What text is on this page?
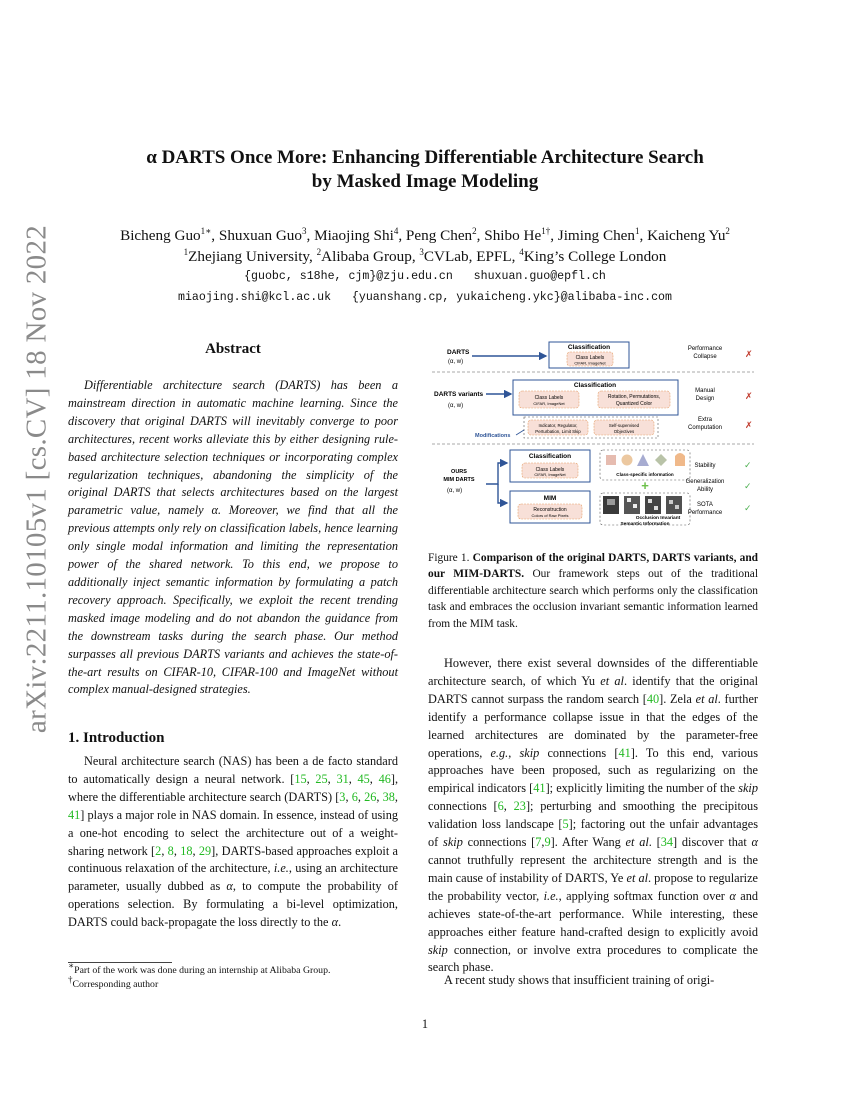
arXiv:2211.10105v1 [cs.CV] 18 Nov 2022
α DARTS Once More: Enhancing Differentiable Architecture Search
by Masked Image Modeling
Bicheng Guo$^{1∗}$, Shuxuan Guo$^3$, Miaojing Shi$^4$, Peng Chen$^2$, Shibo $He^{1\dagger}$, Jiming Chen$^1$, Kaicheng Yu$^2$
$^1$Zhejiang University, $^2$Alibaba Group, $^3$CVLab, EPFL, $^4$King’s College London
{guobc, s18he, cjm}@zju.edu.cn   shuxuan.guo@epfl.ch
miaojing.shi@kcl.ac.uk   {yuanshang.cp, yukaicheng.ykc}@alibaba-inc.com
Abstract
Differentiable architecture search (DARTS) has been a mainstream direction in automatic machine learning. Since the discovery that original DARTS will inevitably converge to poor architectures, recent works alleviate this by either designing rule-based architecture selection techniques or incorporating complex regularization techniques, abandoning the simplicity of the original DARTS that selects architectures based on the largest parametric value, namely α. Moreover, we find that all the previous attempts only rely on classification labels, hence learning only single modal information and limiting the representation power of the shared network. To this end, we propose to additionally inject semantic information by formulating a patch recovery approach. Specifically, we exploit the recent trending masked image modeling and do not abandon the guidance from the downstream tasks during the search phase. Our method surpasses all previous DARTS variants and achieves the state-of-the-art results on CIFAR-10, CIFAR-100 and ImageNet without complex manual-designed strategies.
1. Introduction
Neural architecture search (NAS) has been a de facto standard to automatically design a neural network. [15, 25, 31, 45, 46], where the differentiable architecture search (DARTS) [3, 6, 26, 38, 41] plays a major role in NAS domain. In essence, instead of using a one-hot encoding to select the architecture out of a weight-sharing network [2, 8, 18, 29], DARTS-based approaches exploit a continuous relaxation of the architecture, i.e., using an architecture parameter, usually dubbed as α, to compute the probability of operations selection. By formulating a bi-level optimization, DARTS could back-propagate the loss directly to the α.
∗Part of the work was done during an internship at Alibaba Group.
†Corresponding author
DARTS
(α, w)
Classification
Class Labels
CIFAR, ImageNet
Performance
Collapse	✗
DARTS variants
(α, w)
Classification
Class Labels
CIFAR, ImageNet
Rotation, Permutations,
Quantized Color
Indicator, Regulator,
Perturbation, Limit Skip
Self-supervised
Objectives
Modifications
Manual
Design	✗
Extra
Computation	✗
OURS
MIM DARTS
(α, w)
Classification
Class Labels
CIFAR, ImageNet
MIM
Reconstruction
Colors of Raw Pixels
Class-specific information
+
Occlusion Invariant
Semantic Information
Stability	✓
Generalization
Ability	✓
SOTA
Performance ✓
Figure 1. Comparison of the original DARTS, DARTS variants, and our MIM-DARTS. Our framework steps out of the traditional differentiable architecture search which performs only the classification task and embraces the occlusion invariant semantic information learned from the MIM task.
However, there exist several downsides of the differentiable architecture search, of which Yu et al. identify that the original DARTS cannot surpass the random search [40]. Zela et al. further identify a performance collapse issue in that the edges of the learned architectures are dominated by the parameter-free operations, e.g., skip connections [41]. To this end, various approaches have been proposed, such as regularizing on the empirical indicators [41]; explicitly limiting the number of the skip connections [6, 23]; perturbing and smoothing the precipitous validation loss landscape [5]; factoring out the unfair advantages of skip connections [7,9]. After Wang et al. [34] discover that α cannot truthfully represent the architecture strength and is the main cause of instability of DARTS, Ye et al. propose to regularize the probability vector, i.e., applying softmax function over α and achieves state-of-the-art performance. While interesting, these approaches either feature hand-crafted design to explicitly avoid skip connection, or involve extra procedures to complicate the search phase.
A recent study shows that insufficient training of origi-
1
